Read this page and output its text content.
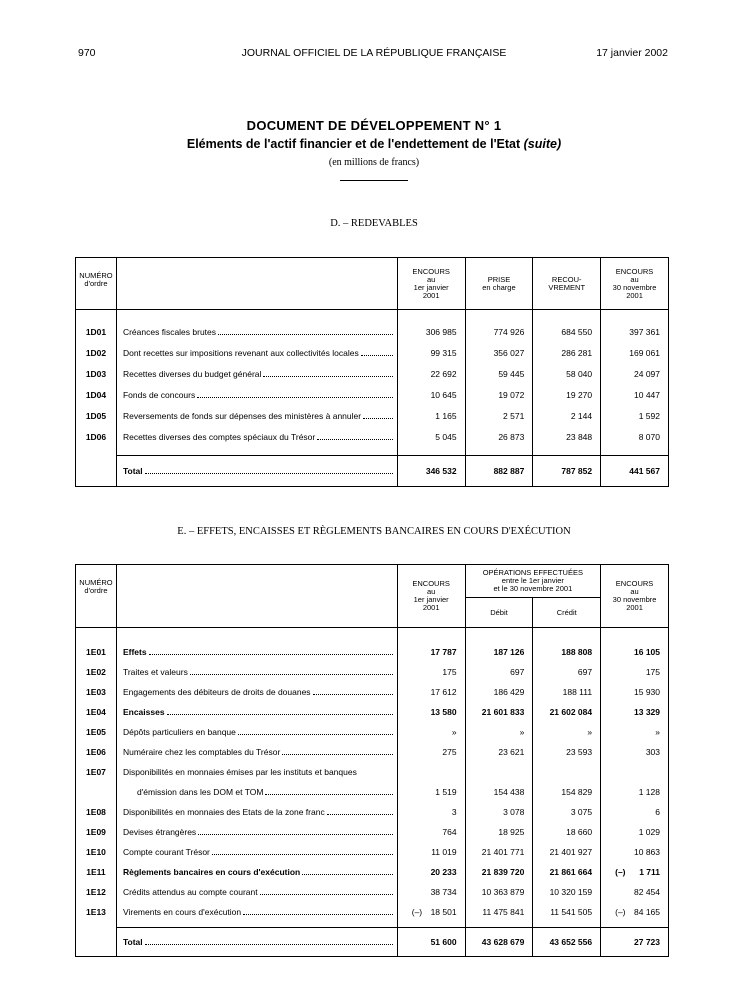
970	JOURNAL OFFICIEL DE LA RÉPUBLIQUE FRANÇAISE	17 janvier 2002
DOCUMENT DE DÉVELOPPEMENT N° 1
Eléments de l'actif financier et de l'endettement de l'Etat (suite)
(en millions de francs)
D. – REDEVABLES
NUMÉRO
d'ordre		ENCOURS
au
1er janvier
2001	PRISE
en charge	RECOU-
VREMENT	ENCOURS
au
30 novembre
2001

1D01	Créances fiscales brutes	306 985	774 926	684 550	397 361
1D02	Dont recettes sur impositions revenant aux collectivités locales	99 315	356 027	286 281	169 061
1D03	Recettes diverses du budget général	22 692	59 445	58 040	24 097
1D04	Fonds de concours	10 645	19 072	19 270	10 447
1D05	Reversements de fonds sur dépenses des ministères à annuler	1 165	2 571	2 144	1 592
1D06	Recettes diverses des comptes spéciaux du Trésor	5 045	26 873	23 848	8 070

	Total	346 532	882 887	787 852	441 567
E. – EFFETS, ENCAISSES ET RÈGLEMENTS BANCAIRES EN COURS D'EXÉCUTION
NUMÉRO
d'ordre		ENCOURS
au
1er janvier
2001	OPÉRATIONS EFFECTUÉES
entre le 1er janvier
et le 30 novembre 2001		ENCOURS
au
30 novembre
2001
			Débit	Crédit	

1E01	Effets	17 787	187 126	188 808	16 105
1E02	Traites et valeurs	175	697	697	175
1E03	Engagements des débiteurs de droits de douanes	17 612	186 429	188 111	15 930
1E04	Encaisses	13 580	21 601 833	21 602 084	13 329
1E05	Dépôts particuliers en banque	»	»	»	»
1E06	Numéraire chez les comptables du Trésor	275	23 621	23 593	303
1E07	Disponibilités en monnaies émises par les instituts et banques				

	d'émission dans les DOM et TOM	1 519	154 438	154 829	1 128
1E08	Disponibilités en monnaies des Etats de la zone franc	3	3 078	3 075	6
1E09	Devises étrangères	764	18 925	18 660	1 029
1E10	Compte courant Trésor	11 019	21 401 771	21 401 927	10 863
1E11	Règlements bancaires en cours d'exécution	20 233	21 839 720	21 861 664	(–) 1 711
1E12	Crédits attendus au compte courant	38 734	10 363 879	10 320 159	82 454
1E13	Virements en cours d'exécution	(–) 18 501	11 475 841	11 541 505	(–) 84 165

	Total	51 600	43 628 679	43 652 556	27 723
